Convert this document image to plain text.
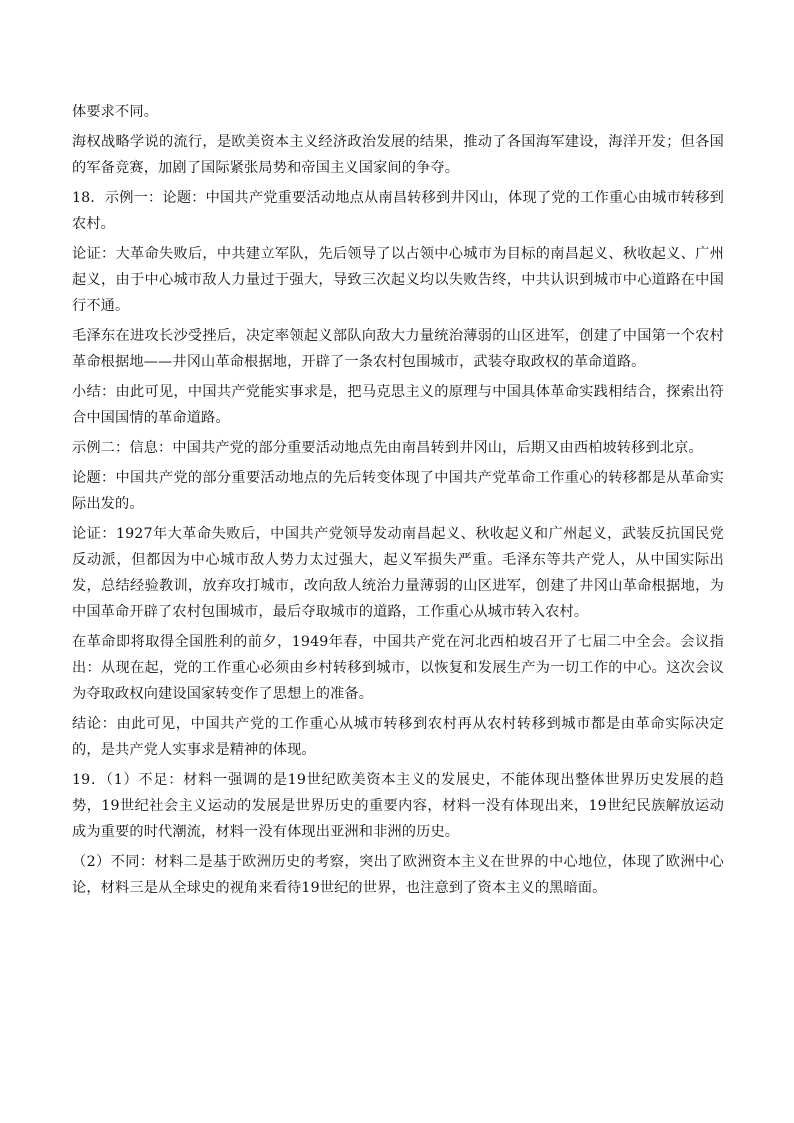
体要求不同。

海权战略学说的流行，是欧美资本主义经济政治发展的结果，推动了各国海军建设，海洋开发；但各国的军备竞赛，加剧了国际紧张局势和帝国主义国家间的争夺。

18．示例一：论题：中国共产党重要活动地点从南昌转移到井冈山，体现了党的工作重心由城市转移到农村。

论证：大革命失败后，中共建立军队，先后领导了以占领中心城市为目标的南昌起义、秋收起义、广州起义，由于中心城市敌人力量过于强大，导致三次起义均以失败告终，中共认识到城市中心道路在中国行不通。

毛泽东在进攻长沙受挫后，决定率领起义部队向敌大力量统治薄弱的山区进军，创建了中国第一个农村革命根据地——井冈山革命根据地，开辟了一条农村包围城市，武装夺取政权的革命道路。

小结：由此可见，中国共产党能实事求是，把马克思主义的原理与中国具体革命实践相结合，探索出符合中国国情的革命道路。

示例二：信息：中国共产党的部分重要活动地点先由南昌转到井冈山，后期又由西柏坡转移到北京。

论题：中国共产党的部分重要活动地点的先后转变体现了中国共产党革命工作重心的转移都是从革命实际出发的。

论证：1927年大革命失败后，中国共产党领导发动南昌起义、秋收起义和广州起义，武装反抗国民党反动派，但都因为中心城市敌人势力太过强大，起义军损失严重。毛泽东等共产党人，从中国实际出发，总结经验教训，放弃攻打城市，改向敌人统治力量薄弱的山区进军，创建了井冈山革命根据地，为中国革命开辟了农村包围城市，最后夺取城市的道路，工作重心从城市转入农村。

在革命即将取得全国胜利的前夕，1949年春，中国共产党在河北西柏坡召开了七届二中全会。会议指出：从现在起，党的工作重心必须由乡村转移到城市，以恢复和发展生产为一切工作的中心。这次会议为夺取政权向建设国家转变作了思想上的准备。

结论：由此可见，中国共产党的工作重心从城市转移到农村再从农村转移到城市都是由革命实际决定的，是共产党人实事求是精神的体现。

19．（1）不足：材料一强调的是19世纪欧美资本主义的发展史，不能体现出整体世界历史发展的趋势，19世纪社会主义运动的发展是世界历史的重要内容，材料一没有体现出来，19世纪民族解放运动成为重要的时代潮流，材料一没有体现出亚洲和非洲的历史。

（2）不同：材料二是基于欧洲历史的考察，突出了欧洲资本主义在世界的中心地位，体现了欧洲中心论，材料三是从全球史的视角来看待19世纪的世界，也注意到了资本主义的黑暗面。
